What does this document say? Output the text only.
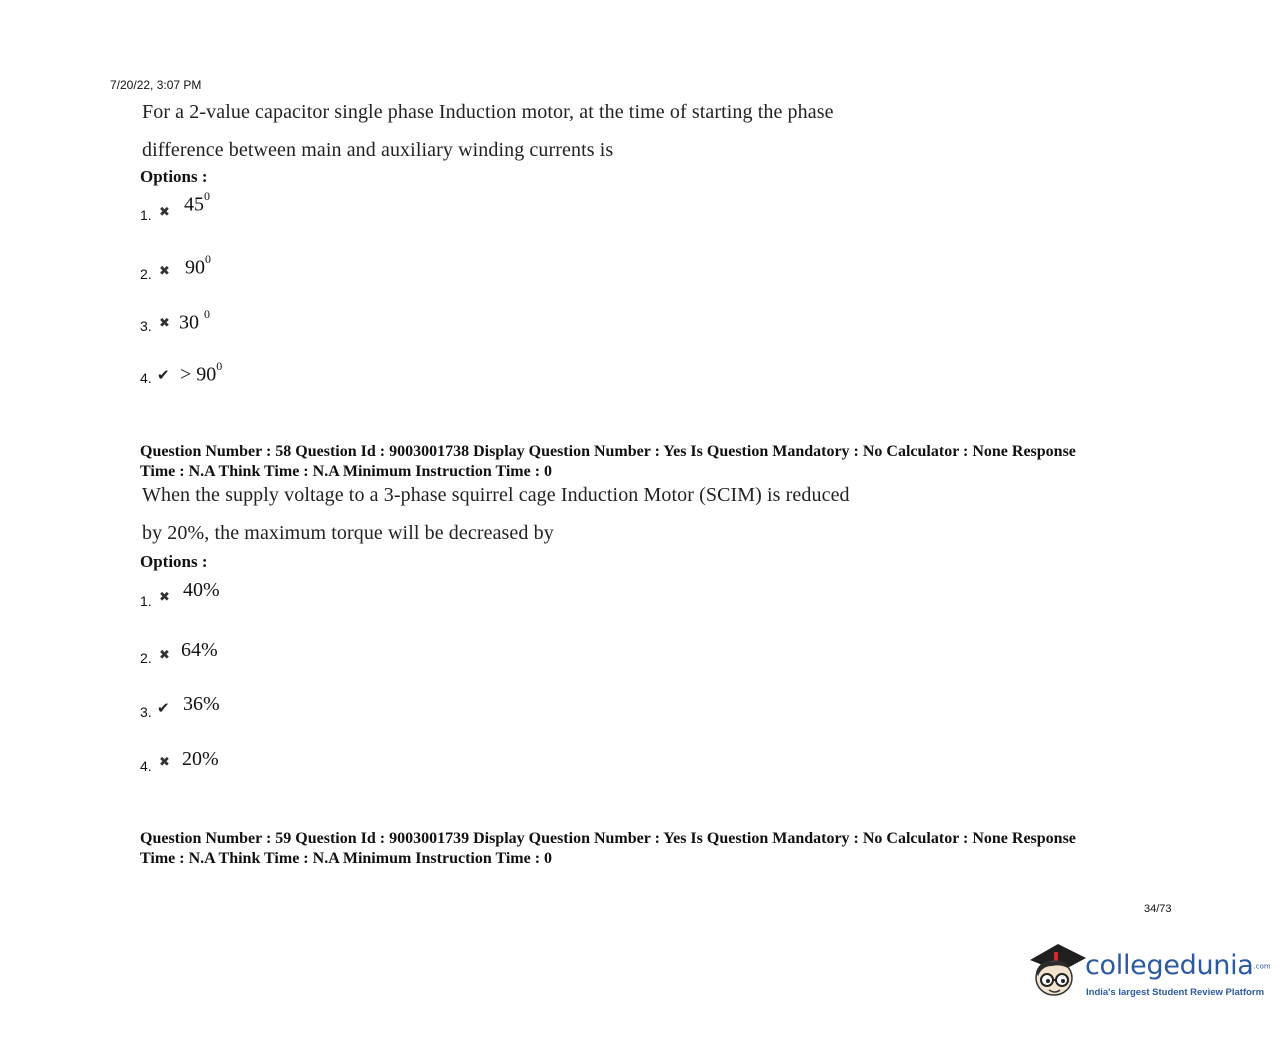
7/20/22, 3:07 PM
For a 2-value capacitor single phase Induction motor, at the time of starting the phase
difference between main and auxiliary winding currents is
Options :
1. ✖ $45^0$
2. ✖ $90^0$
3. ✖ 30 $^0$
4. ✔ > $90^0$
Question Number : 58 Question Id : 9003001738 Display Question Number : Yes Is Question Mandatory : No Calculator : None Response
Time : N.A Think Time : N.A Minimum Instruction Time : 0
When the supply voltage to a 3-phase squirrel cage Induction Motor (SCIM) is reduced
by 20%, the maximum torque will be decreased by
Options :
1. ✖ 40%
2. ✖ 64%
3. ✔ 36%
4. ✖ 20%
Question Number : 59 Question Id : 9003001739 Display Question Number : Yes Is Question Mandatory : No Calculator : None Response
Time : N.A Think Time : N.A Minimum Instruction Time : 0
34/73
collegedunia.com
India's largest Student Review Platform
